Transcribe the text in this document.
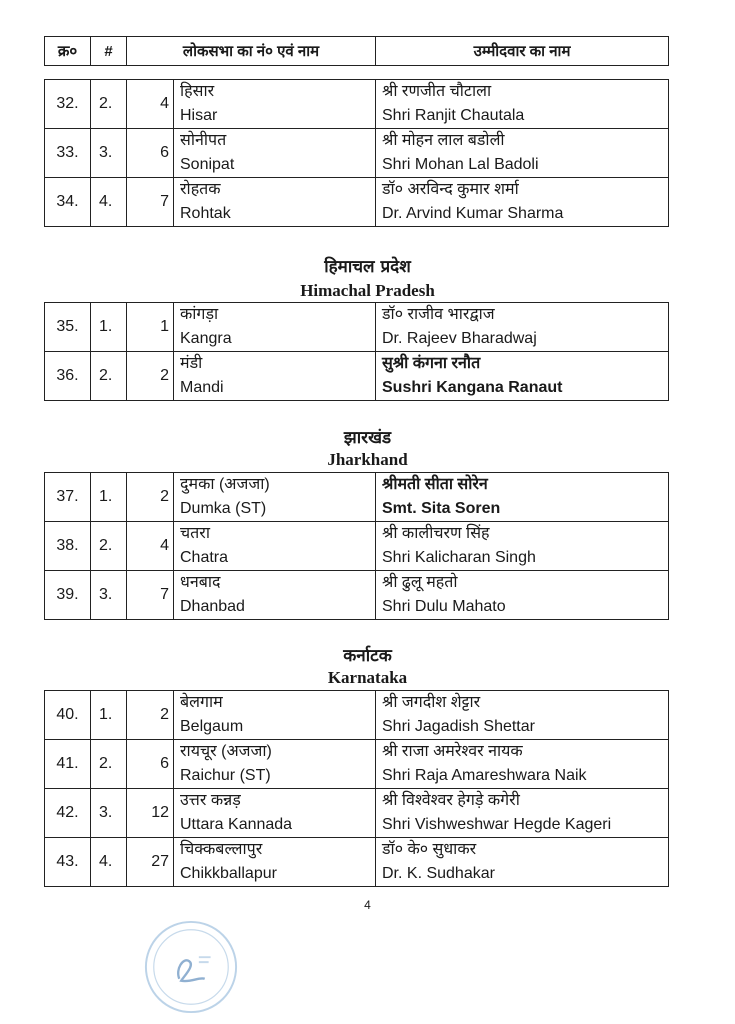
क्र०	#	लोकसभा का नं० एवं नाम	उम्मीदवार का नाम
32.	2.	4	हिसार
Hisar	श्री रणजीत चौटाला
Shri Ranjit Chautala

33.	3.	6	सोनीपत
Sonipat	श्री मोहन लाल बडोली
Shri Mohan Lal Badoli

34.	4.	7	रोहतक
Rohtak	डॉ० अरविन्द कुमार शर्मा
Dr. Arvind Kumar Sharma
हिमाचल प्रदेश
Himachal Pradesh
35.	1.	1	कांगड़ा
Kangra	डॉ० राजीव भारद्वाज
Dr. Rajeev Bharadwaj

36.	2.	2	मंडी
Mandi	सुश्री कंगना रनौत
Sushri Kangana Ranaut
झारखंड
Jharkhand
37.	1.	2	दुमका (अजजा)
Dumka (ST)	श्रीमती सीता सोरेन
Smt. Sita Soren

38.	2.	4	चतरा
Chatra	श्री कालीचरण सिंह
Shri Kalicharan Singh

39.	3.	7	धनबाद
Dhanbad	श्री ढुलू महतो
Shri Dulu Mahato
कर्नाटक
Karnataka
40.	1.	2	बेलगाम
Belgaum	श्री जगदीश शेट्टार
Shri Jagadish Shettar

41.	2.	6	रायचूर (अजजा)
Raichur (ST)	श्री राजा अमरेश्वर नायक
Shri Raja Amareshwara Naik

42.	3.	12	उत्तर कन्नड़
Uttara Kannada	श्री विश्वेश्वर हेगड़े कगेरी
Shri Vishweshwar Hegde Kageri

43.	4.	27	चिक्कबल्लापुर
Chikkballapur	डॉ० के० सुधाकर
Dr. K. Sudhakar
4
